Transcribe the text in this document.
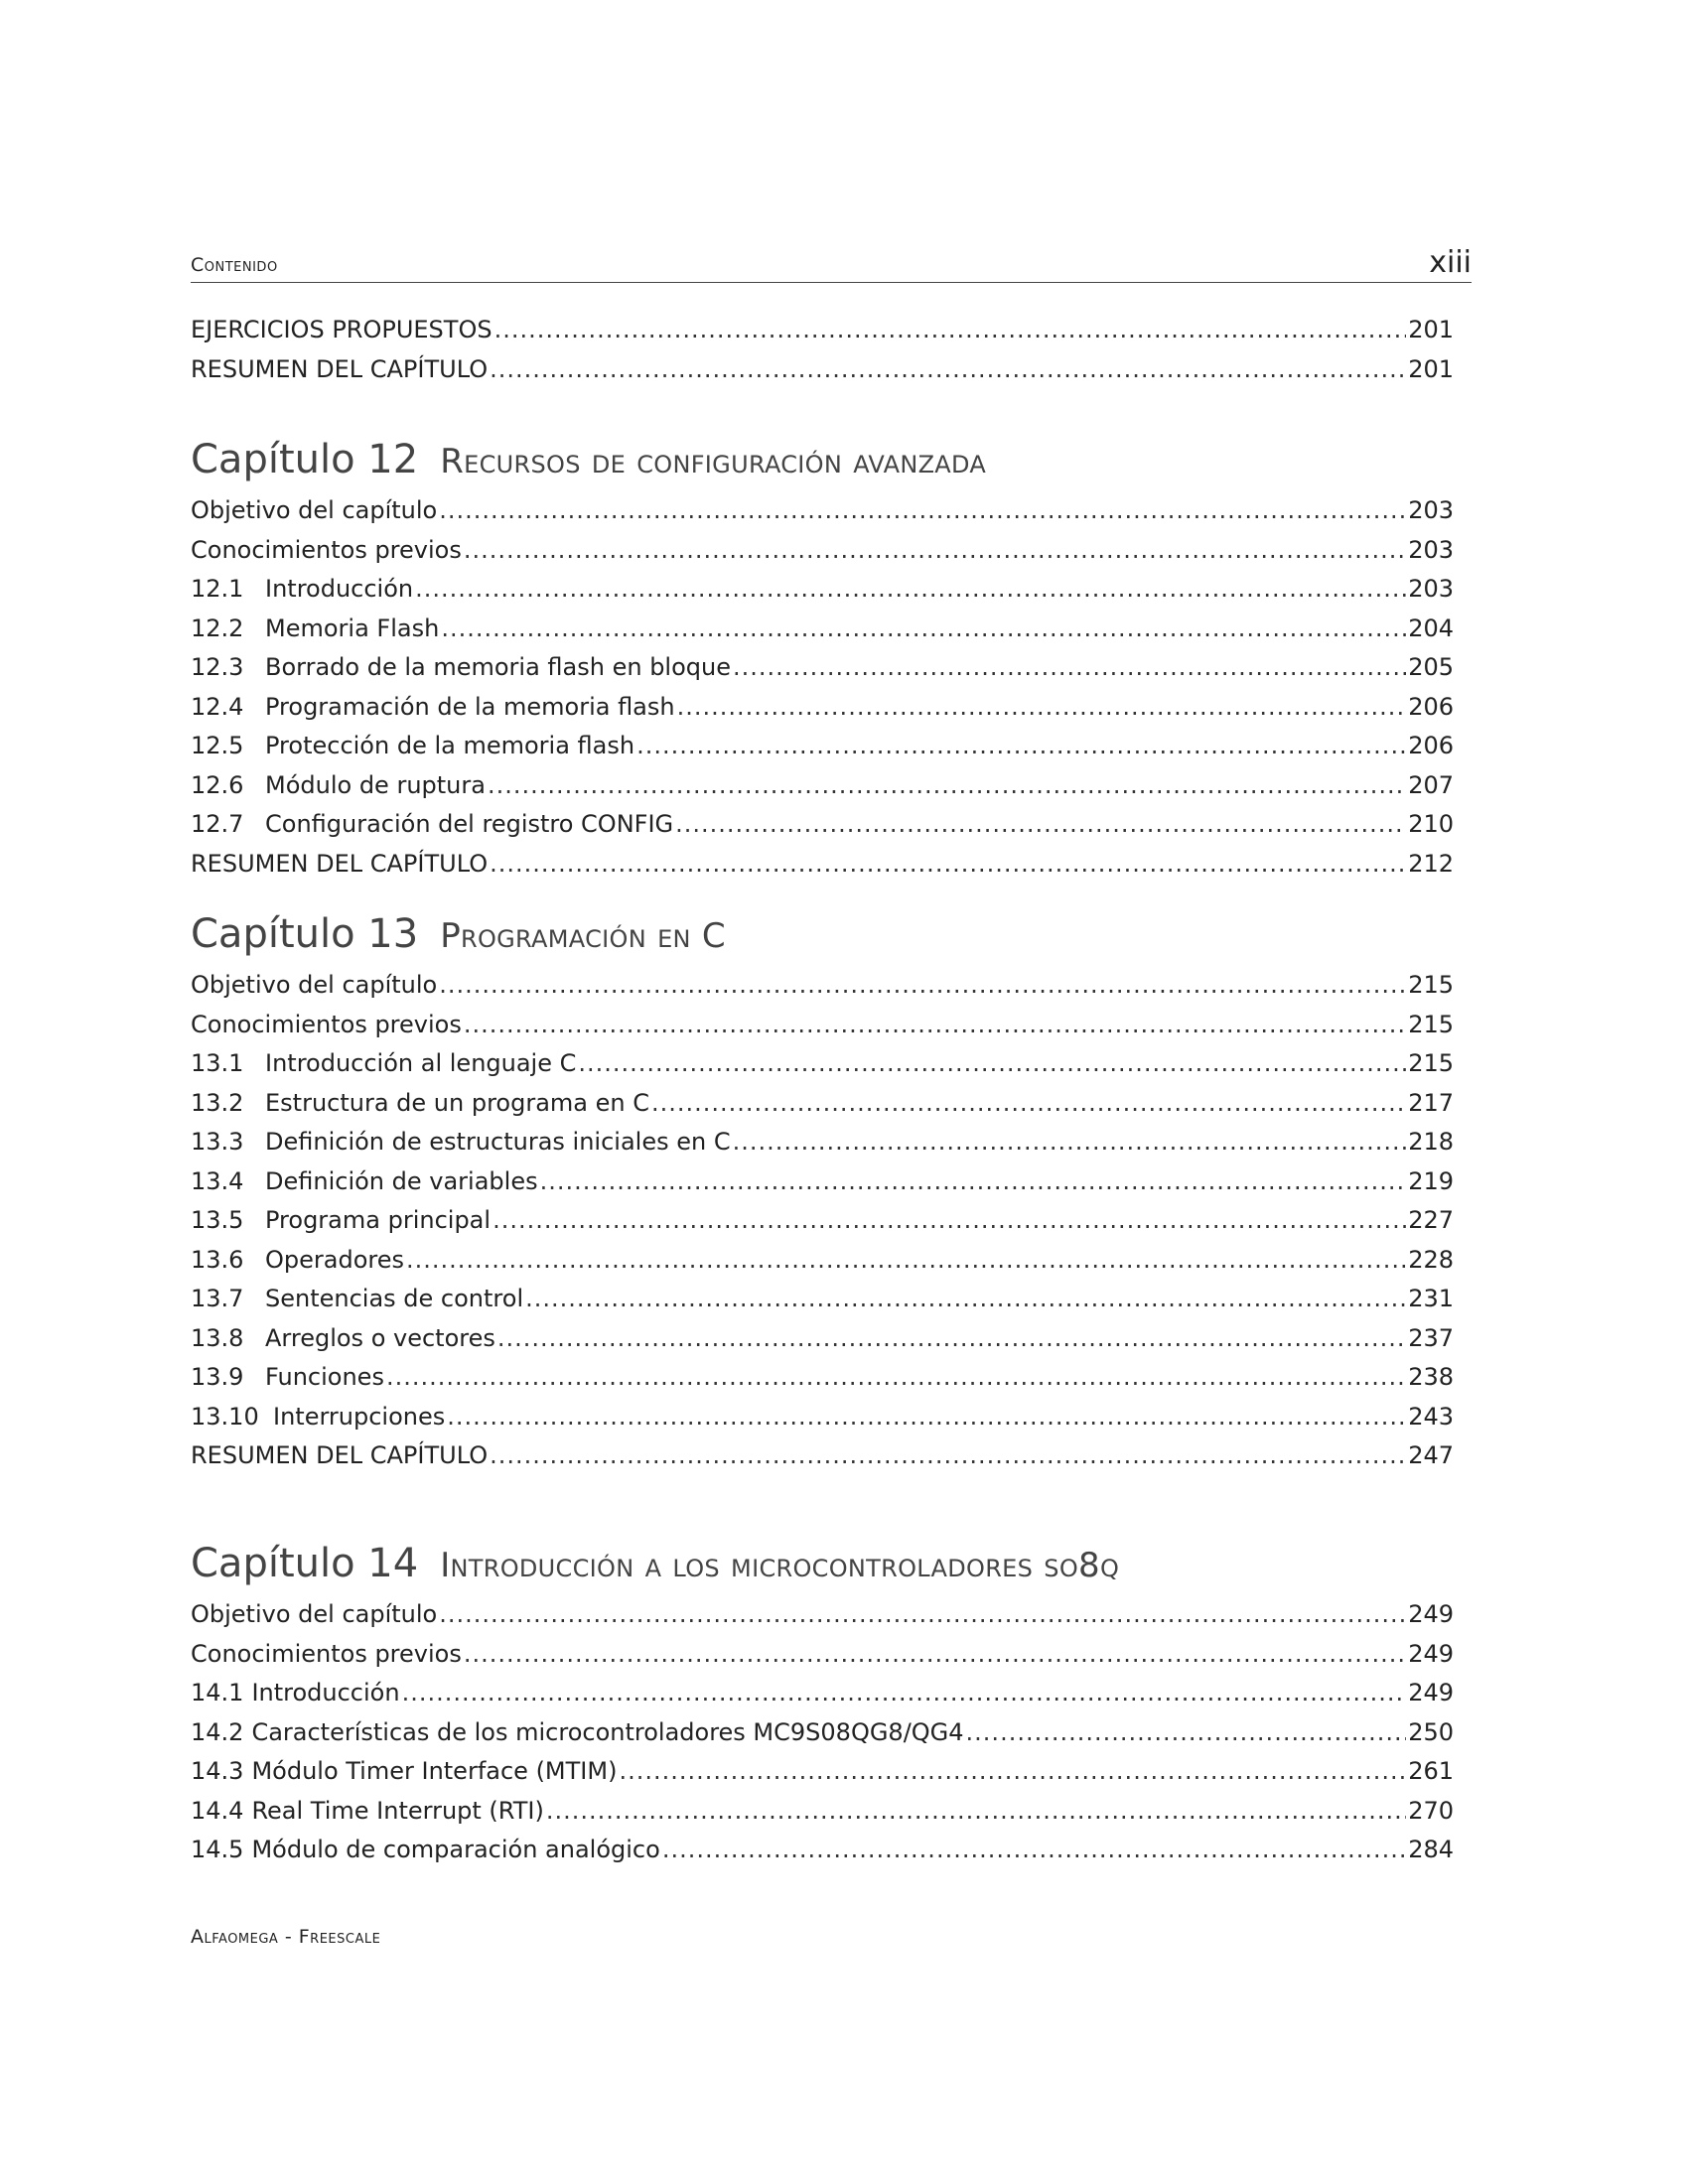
Contenido	xiii
EJERCICIOS PROPUESTOS .....	201
RESUMEN DEL CAPÍTULO .....	201
Capítulo 12 Recursos de configuración avanzada
Objetivo del capítulo .....	203
Conocimientos previos .....	203
12.1 Introducción .....	203
12.2 Memoria Flash .....	204
12.3 Borrado de la memoria flash en bloque .....	205
12.4 Programación de la memoria flash .....	206
12.5 Protección de la memoria flash .....	206
12.6 Módulo de ruptura .....	207
12.7 Configuración del registro CONFIG .....	210
RESUMEN DEL CAPÍTULO .....	212
Capítulo 13 Programación en C
Objetivo del capítulo .....	215
Conocimientos previos .....	215
13.1 Introducción al lenguaje C .....	215
13.2 Estructura de un programa en C .....	217
13.3 Definición de estructuras iniciales en C .....	218
13.4 Definición de variables .....	219
13.5 Programa principal .....	227
13.6 Operadores .....	228
13.7 Sentencias de control .....	231
13.8 Arreglos o vectores .....	237
13.9 Funciones .....	238
13.10 Interrupciones .....	243
RESUMEN DEL CAPÍTULO .....	247
Capítulo 14 Introducción a los microcontroladores so8q
Objetivo del capítulo .....	249
Conocimientos previos .....	249
14.1 Introducción .....	249
14.2 Características de los microcontroladores MC9S08QG8/QG4 .....	250
14.3 Módulo Timer Interface (MTIM) .....	261
14.4 Real Time Interrupt (RTI) .....	270
14.5 Módulo de comparación analógico .....	284
Alfaomega - Freescale
